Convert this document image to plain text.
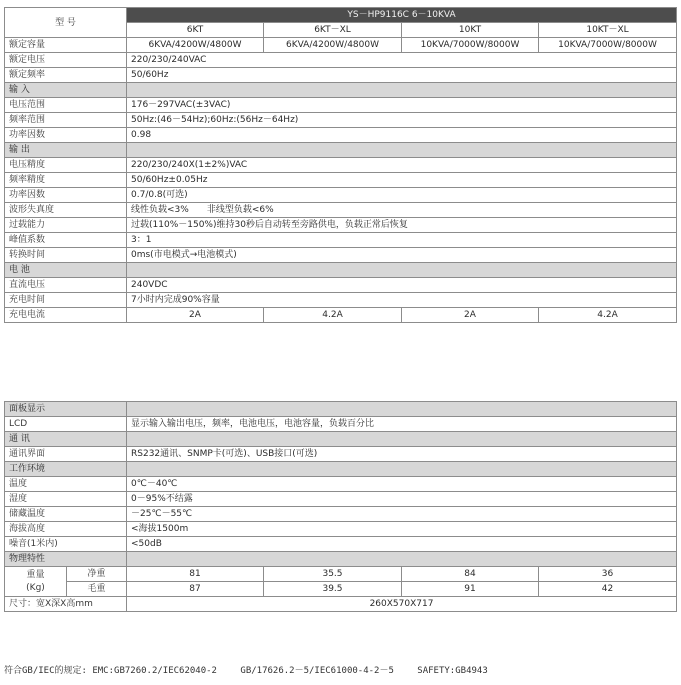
型 号	YS－HP9116C 6－10KVA			
	6KT	6KT－XL	10KT	10KT－XL
额定容量	6KVA/4200W/4800W	6KVA/4200W/4800W	10KVA/7000W/8000W	10KVA/7000W/8000W
额定电压	220/230/240VAC			
额定频率	50/60Hz			
输 入				
电压范围	176－297VAC(±3VAC)			
频率范围	50Hz:(46－54Hz);60Hz:(56Hz－64Hz)			
功率因数	0.98			
输 出				
电压精度	220/230/240X(1±2%)VAC			
频率精度	50/60Hz±0.05Hz			
功率因数	0.7/0.8(可选)			
波形失真度	线性负载<3%　　非线型负载<6%			
过载能力	过载(110%－150%)维持30秒后自动转至旁路供电，负载正常后恢复			
峰值系数	3：1			
转换时间	0ms(市电模式→电池模式)			
电 池				
直流电压	240VDC			
充电时间	7小时内完成90%容量			
充电电流	2A	4.2A	2A	4.2A
面板显示					
LCD		显示输入输出电压，频率，电池电压，电池容量，负载百分比			
通 讯					
通讯界面		RS232通讯、SNMP卡(可选)、USB接口(可选)			
工作环境					
温度		0℃－40℃			
湿度		0－95%不结露			
储藏温度		－25℃－55℃			
海拔高度		<海拔1500m			
噪音(1米内)		<50dB			
物理特性					

重量
(Kg)	净重	81	35.5	84	36
	毛重	87	39.5	91	42
尺寸：宽X深X高mm		260X570X717			
符合GB/IEC的规定: EMC:GB7260.2/IEC62040-2	GB/17626.2－5/IEC61000-4-2－5	SAFETY:GB4943
